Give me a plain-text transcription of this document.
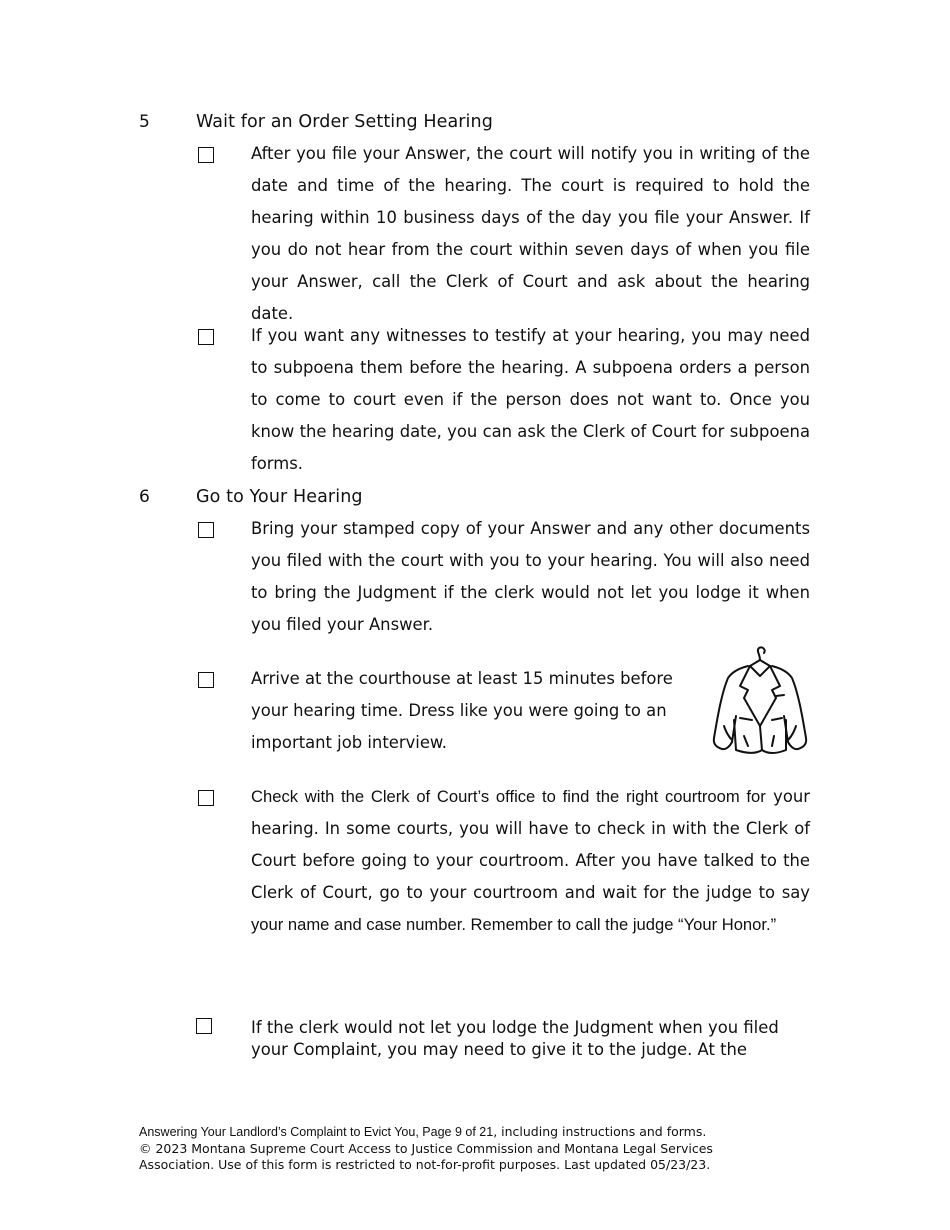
5	Wait for an Order Setting Hearing
After you file your Answer, the court will notify you in writing of the date and time of the hearing. The court is required to hold the hearing within 10 business days of the day you file your Answer. If you do not hear from the court within seven days of when you file your Answer, call the Clerk of Court and ask about the hearing date.
If you want any witnesses to testify at your hearing, you may need to subpoena them before the hearing. A subpoena orders a person to come to court even if the person does not want to. Once you know the hearing date, you can ask the Clerk of Court for subpoena forms.
6	Go to Your Hearing
Bring your stamped copy of your Answer and any other documents you filed with the court with you to your hearing. You will also need to bring the Judgment if the clerk would not let you lodge it when you filed your Answer.
Arrive at the courthouse at least 15 minutes before your hearing time. Dress like you were going to an important job interview.
Check with the Clerk of Court’s office to find the right courtroom for your hearing. In some courts, you will have to check in with the Clerk of Court before going to your courtroom. After you have talked to the Clerk of Court, go to your courtroom and wait for the judge to say your name and case number. Remember to call the judge “Your Honor.”
If the clerk would not let you lodge the Judgment when you filed your Complaint, you may need to give it to the judge. At the
Answering Your Landlord’s Complaint to Evict You, Page 9 of 21, including instructions and forms.
© 2023 Montana Supreme Court Access to Justice Commission and Montana Legal Services Association. Use of this form is restricted to not-for-profit purposes. Last updated 05/23/23.
